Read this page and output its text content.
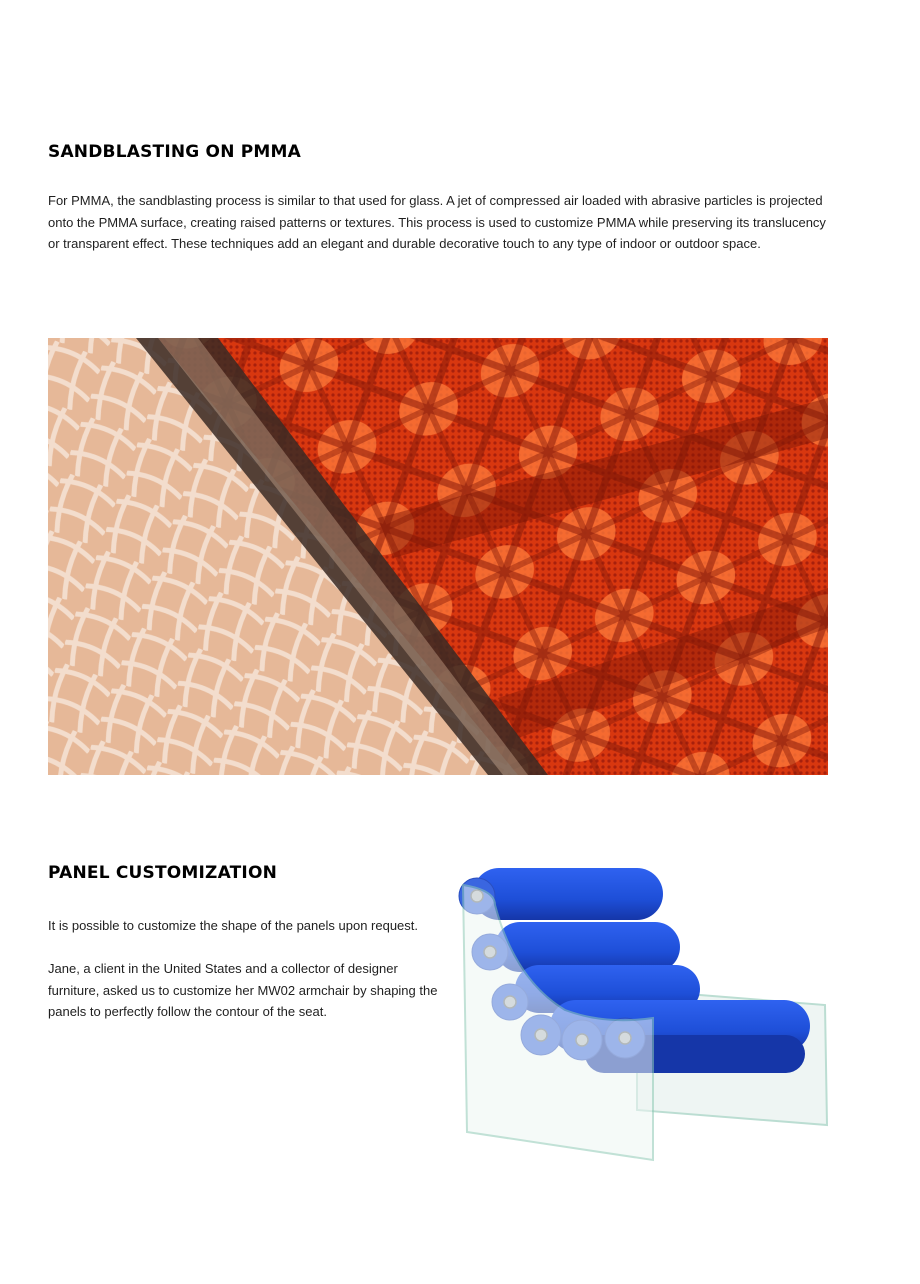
SANDBLASTING ON PMMA

For PMMA, the sandblasting process is similar to that used for glass. A jet of compressed air loaded with abrasive particles is projected onto the PMMA surface, creating raised patterns or textures. This process is used to customize PMMA while preserving its translucency or transparent effect. These techniques add an elegant and durable decorative touch to any type of indoor or outdoor space.

PANEL CUSTOMIZATION

It is possible to customize the shape of the panels upon request.

Jane, a client in the United States and a collector of designer furniture, asked us to customize her MW02 armchair by shaping the panels to perfectly follow the contour of the seat.
